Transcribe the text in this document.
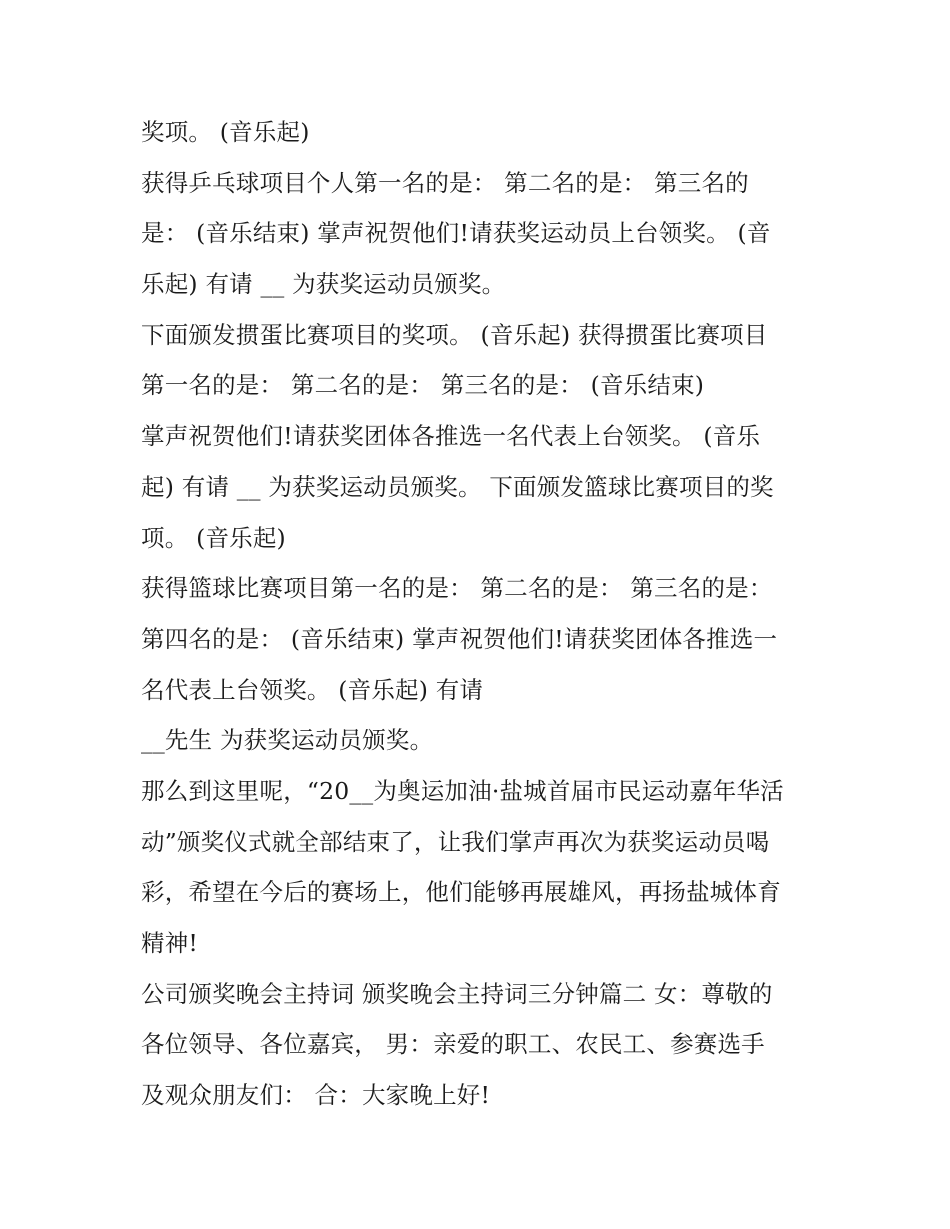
奖项。 (音乐起)
获得乒乓球项目个人第一名的是： 第二名的是： 第三名的
是： (音乐结束) 掌声祝贺他们!请获奖运动员上台领奖。 (音
乐起) 有请 __ 为获奖运动员颁奖。
下面颁发掼蛋比赛项目的奖项。 (音乐起) 获得掼蛋比赛项目
第一名的是： 第二名的是： 第三名的是： (音乐结束)
掌声祝贺他们!请获奖团体各推选一名代表上台领奖。 (音乐
起) 有请 __ 为获奖运动员颁奖。 下面颁发篮球比赛项目的奖
项。 (音乐起)
获得篮球比赛项目第一名的是： 第二名的是： 第三名的是：
第四名的是： (音乐结束) 掌声祝贺他们!请获奖团体各推选一
名代表上台领奖。 (音乐起) 有请
__先生 为获奖运动员颁奖。
那么到这里呢，“20__为奥运加油·盐城首届市民运动嘉年华活
动”颁奖仪式就全部结束了，让我们掌声再次为获奖运动员喝
彩，希望在今后的赛场上，他们能够再展雄风，再扬盐城体育
精神!
公司颁奖晚会主持词 颁奖晚会主持词三分钟篇二 女：尊敬的
各位领导、各位嘉宾， 男：亲爱的职工、农民工、参赛选手
及观众朋友们： 合：大家晚上好!
